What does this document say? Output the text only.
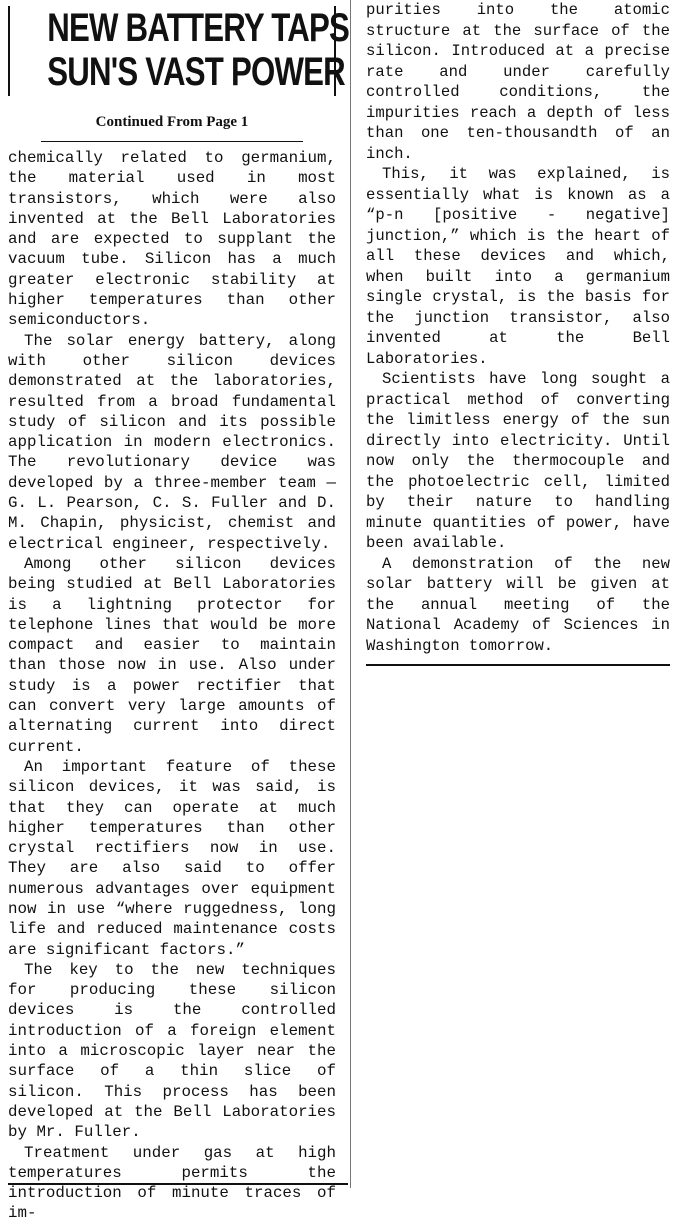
NEW BATTERY TAPS
SUN'S VAST POWER
Continued From Page 1

chemically related to germanium, the material used in most transistors, which were also invented at the Bell Laboratories and are expected to supplant the vacuum tube. Silicon has a much greater electronic stability at higher temperatures than other semiconductors.

The solar energy battery, along with other silicon devices demonstrated at the laboratories, resulted from a broad fundamental study of silicon and its possible application in modern electronics. The revolutionary device was developed by a three-member team —G. L. Pearson, C. S. Fuller and D. M. Chapin, physicist, chemist and electrical engineer, respectively.

Among other silicon devices being studied at Bell Laboratories is a lightning protector for telephone lines that would be more compact and easier to maintain than those now in use. Also under study is a power rectifier that can convert very large amounts of alternating current into direct current.

An important feature of these silicon devices, it was said, is that they can operate at much higher temperatures than other crystal rectifiers now in use. They are also said to offer numerous advantages over equipment now in use “where ruggedness, long life and reduced maintenance costs are significant factors.”

The key to the new techniques for producing these silicon devices is the controlled introduction of a foreign element into a microscopic layer near the surface of a thin slice of silicon. This process has been developed at the Bell Laboratories by Mr. Fuller.

Treatment under gas at high temperatures permits the introduction of minute traces of im-

purities into the atomic structure at the surface of the silicon. Introduced at a precise rate and under carefully controlled conditions, the impurities reach a depth of less than one ten-thousandth of an inch.

This, it was explained, is essentially what is known as a “p-n [positive - negative] junction,” which is the heart of all these devices and which, when built into a germanium single crystal, is the basis for the junction transistor, also invented at the Bell Laboratories.

Scientists have long sought a practical method of converting the limitless energy of the sun directly into electricity. Until now only the thermocouple and the photoelectric cell, limited by their nature to handling minute quantities of power, have been available.

A demonstration of the new solar battery will be given at the annual meeting of the National Academy of Sciences in Washington tomorrow.
